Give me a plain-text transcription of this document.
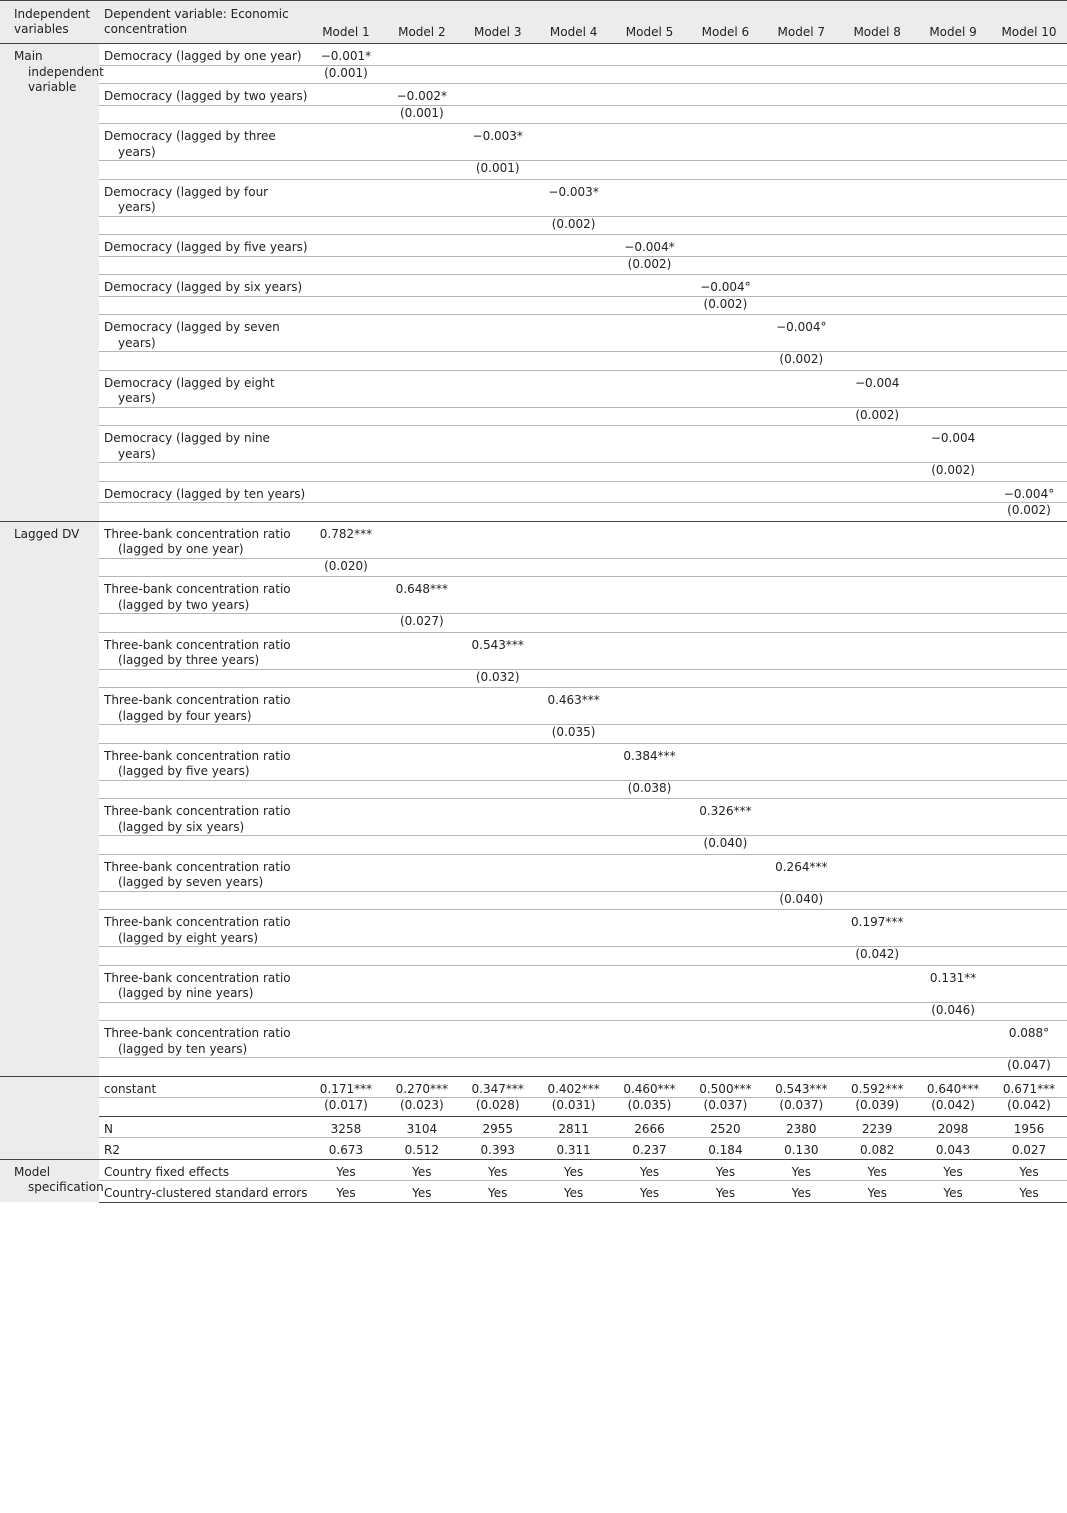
Independent variables	Dependent variable: Economic concentration	Model 1	Model 2	Model 3	Model 4	Model 5	Model 6	Model 7	Model 8	Model 9	Model 10

Main independent variable	Democracy (lagged by one year)	−0.001*									
		(0.001)									

	Democracy (lagged by two years)		−0.002*								
			(0.001)								

	Democracy (lagged by three years)			−0.003*							
				(0.001)							

	Democracy (lagged by four years)				−0.003*						
					(0.002)						

	Democracy (lagged by five years)					−0.004*					
						(0.002)					

	Democracy (lagged by six years)						−0.004°				
							(0.002)				

	Democracy (lagged by seven years)							−0.004°			
								(0.002)			

	Democracy (lagged by eight years)								−0.004		
									(0.002)		

	Democracy (lagged by nine years)									−0.004	
										(0.002)	

	Democracy (lagged by ten years)										−0.004°
											(0.002)

Lagged DV	Three-bank concentration ratio (lagged by one year)	0.782***									
		(0.020)									

	Three-bank concentration ratio (lagged by two years)		0.648***								
			(0.027)								

	Three-bank concentration ratio (lagged by three years)			0.543***							
				(0.032)							

	Three-bank concentration ratio (lagged by four years)				0.463***						
					(0.035)						

	Three-bank concentration ratio (lagged by five years)					0.384***					
						(0.038)					

	Three-bank concentration ratio (lagged by six years)						0.326***				
							(0.040)				

	Three-bank concentration ratio (lagged by seven years)							0.264***			
								(0.040)			

	Three-bank concentration ratio (lagged by eight years)								0.197***		
									(0.042)		

	Three-bank concentration ratio (lagged by nine years)									0.131**	
										(0.046)	

	Three-bank concentration ratio (lagged by ten years)										0.088°
											(0.047)

	constant	0.171***	0.270***	0.347***	0.402***	0.460***	0.500***	0.543***	0.592***	0.640***	0.671***
		(0.017)	(0.023)	(0.028)	(0.031)	(0.035)	(0.037)	(0.037)	(0.039)	(0.042)	(0.042)

	N	3258	3104	2955	2811	2666	2520	2380	2239	2098	1956

	R2	0.673	0.512	0.393	0.311	0.237	0.184	0.130	0.082	0.043	0.027

Model specification	Country fixed effects	Yes	Yes	Yes	Yes	Yes	Yes	Yes	Yes	Yes	Yes

	Country-clustered standard errors	Yes	Yes	Yes	Yes	Yes	Yes	Yes	Yes	Yes	Yes
